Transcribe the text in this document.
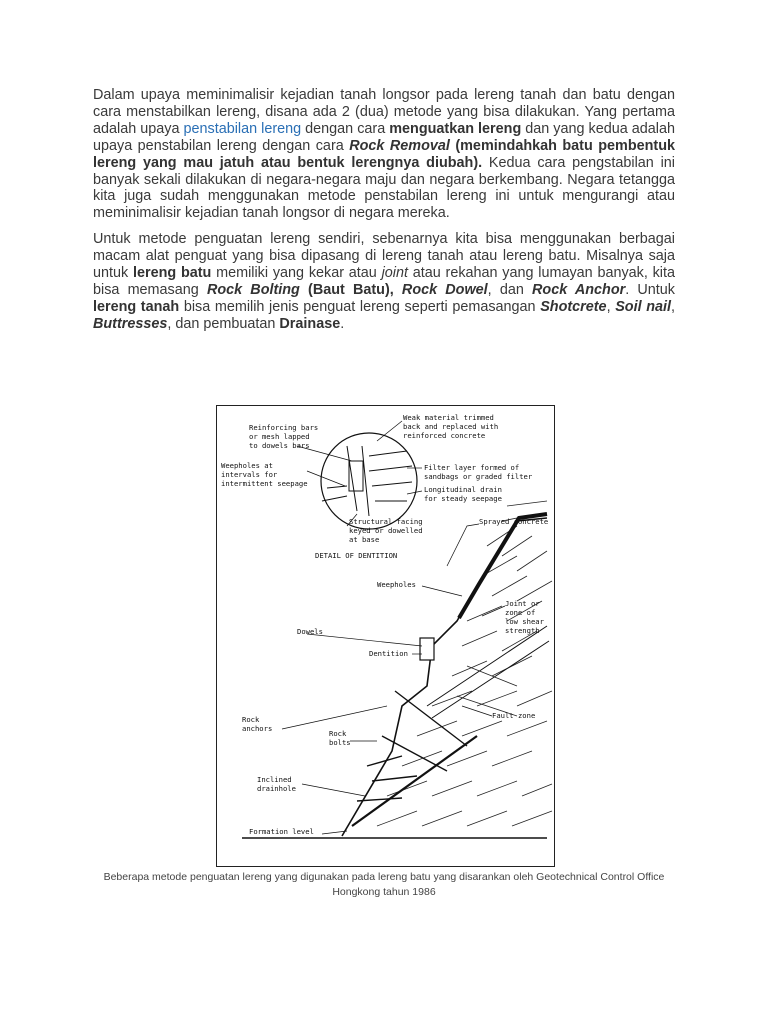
Dalam upaya meminimalisir kejadian tanah longsor pada lereng tanah dan batu dengan cara menstabilkan lereng, disana ada 2 (dua) metode yang bisa dilakukan. Yang pertama adalah upaya penstabilan lereng dengan cara menguatkan lereng dan yang kedua adalah upaya penstabilan lereng dengan cara Rock Removal (memindahkah batu pembentuk lereng yang mau jatuh atau bentuk lerengnya diubah). Kedua cara pengstabilan ini banyak sekali dilakukan di negara-negara maju dan negara berkembang. Negara tetangga kita juga sudah menggunakan metode penstabilan lereng ini untuk mengurangi atau meminimalisir kejadian tanah longsor di negara mereka.

Untuk metode penguatan lereng sendiri, sebenarnya kita bisa menggunakan berbagai macam alat penguat yang bisa dipasang di lereng tanah atau lereng batu. Misalnya saja untuk lereng batu memiliki yang kekar atau joint atau rekahan yang lumayan banyak, kita bisa memasang Rock Bolting (Baut Batu), Rock Dowel, dan Rock Anchor. Untuk lereng tanah bisa memilih jenis penguat lereng seperti pemasangan Shotcrete, Soil nail, Buttresses, dan pembuatan Drainase.

Reinforcing bars
or mesh lapped
to dowels bars
Weak material trimmed
back and replaced with
reinforced concrete
Weepholes at
intervals for
intermittent seepage
Filter layer formed of
sandbags or graded filter
Longitudinal drain
for steady seepage
Structural facing
keyed or dowelled
at base
Sprayed concrete
DETAIL OF DENTITION
Weepholes
Joint or
zone of
low shear
strength
Dowels
Dentition
Fault zone
Rock
anchors
Rock
bolts
Inclined
drainhole
Formation level
Beberapa metode penguatan lereng yang digunakan pada lereng batu yang disarankan oleh Geotechnical Control Office Hongkong tahun 1986
